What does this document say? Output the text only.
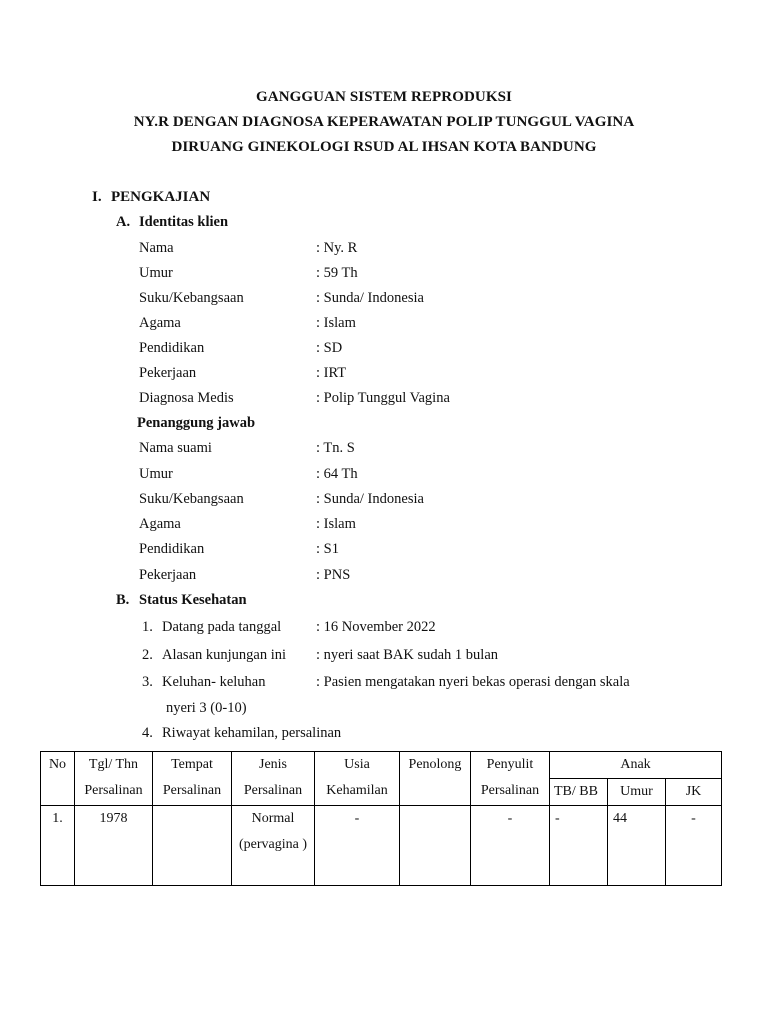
GANGGUAN SISTEM REPRODUKSI
NY.R DENGAN DIAGNOSA KEPERAWATAN POLIP TUNGGUL VAGINA
DIRUANG GINEKOLOGI RSUD AL IHSAN KOTA BANDUNG
I. PENGKAJIAN
A. Identitas klien
Nama	: Ny. R
Umur	: 59 Th
Suku/Kebangsaan	: Sunda/ Indonesia
Agama	: Islam
Pendidikan	: SD
Pekerjaan	: IRT
Diagnosa Medis	: Polip Tunggul Vagina
Penanggung jawab
Nama suami	: Tn. S
Umur	: 64 Th
Suku/Kebangsaan	: Sunda/ Indonesia
Agama	: Islam
Pendidikan	: S1
Pekerjaan	: PNS
B. Status Kesehatan
1. Datang pada tanggal : 16 November 2022
2. Alasan kunjungan ini : nyeri saat BAK sudah 1 bulan
3. Keluhan- keluhan	: Pasien mengatakan nyeri bekas operasi dengan skala
nyeri 3 (0-10)
4. Riwayat kehamilan, persalinan
No	Tgl/ Thn Persalinan	Tempat Persalinan	Jenis Persalinan	Usia Kehamilan	Penolong	Penyulit Persalinan	Anak		
							TB/ BB	Umur	JK
1.	1978		Normal (pervagina )	-		-	-	44	-
